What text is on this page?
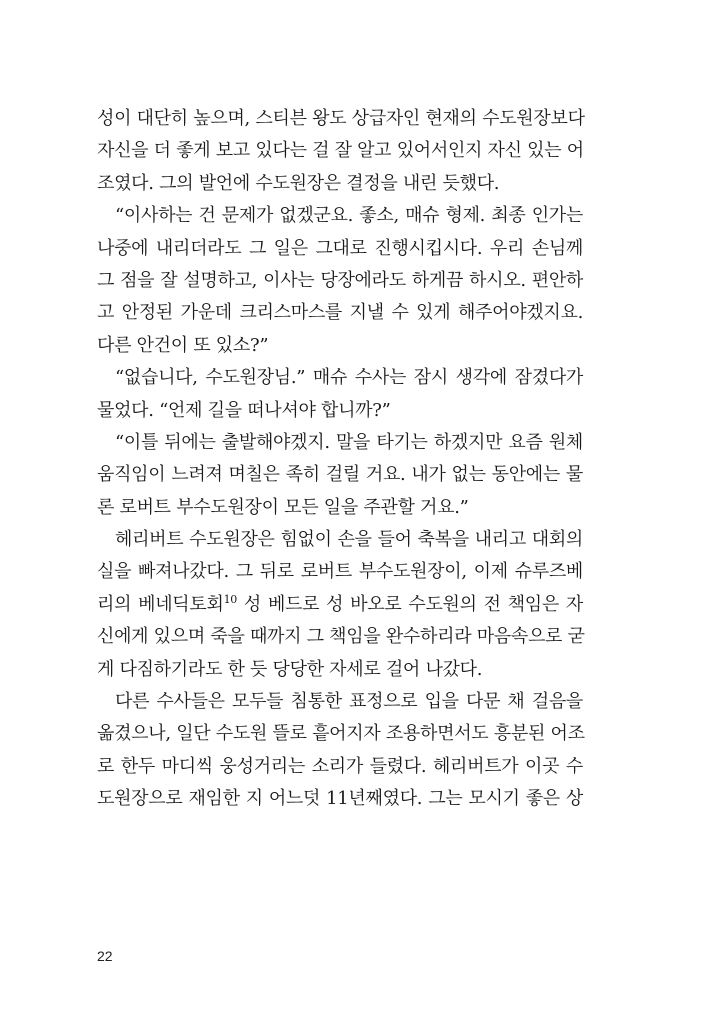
성이 대단히 높으며, 스티븐 왕도 상급자인 현재의 수도원장보다
자신을 더 좋게 보고 있다는 걸 잘 알고 있어서인지 자신 있는 어
조였다. 그의 발언에 수도원장은 결정을 내린 듯했다.
“이사하는 건 문제가 없겠군요. 좋소, 매슈 형제. 최종 인가는
나중에 내리더라도 그 일은 그대로 진행시킵시다. 우리 손님께
그 점을 잘 설명하고, 이사는 당장에라도 하게끔 하시오. 편안하
고 안정된 가운데 크리스마스를 지낼 수 있게 해주어야겠지요.
다른 안건이 또 있소?”
“없습니다, 수도원장님.” 매슈 수사는 잠시 생각에 잠겼다가
물었다. “언제 길을 떠나셔야 합니까?”
“이틀 뒤에는 출발해야겠지. 말을 타기는 하겠지만 요즘 원체
움직임이 느려져 며칠은 족히 걸릴 거요. 내가 없는 동안에는 물
론 로버트 부수도원장이 모든 일을 주관할 거요.”
헤리버트 수도원장은 힘없이 손을 들어 축복을 내리고 대회의
실을 빠져나갔다. 그 뒤로 로버트 부수도원장이, 이제 슈루즈베
리의 베네딕토회$^{10}$ 성 베드로 성 바오로 수도원의 전 책임은 자
신에게 있으며 죽을 때까지 그 책임을 완수하리라 마음속으로 굳
게 다짐하기라도 한 듯 당당한 자세로 걸어 나갔다.
다른 수사들은 모두들 침통한 표정으로 입을 다문 채 걸음을
옮겼으나, 일단 수도원 뜰로 흩어지자 조용하면서도 흥분된 어조
로 한두 마디씩 웅성거리는 소리가 들렸다. 헤리버트가 이곳 수
도원장으로 재임한 지 어느덧 11년째였다. 그는 모시기 좋은 상
22
